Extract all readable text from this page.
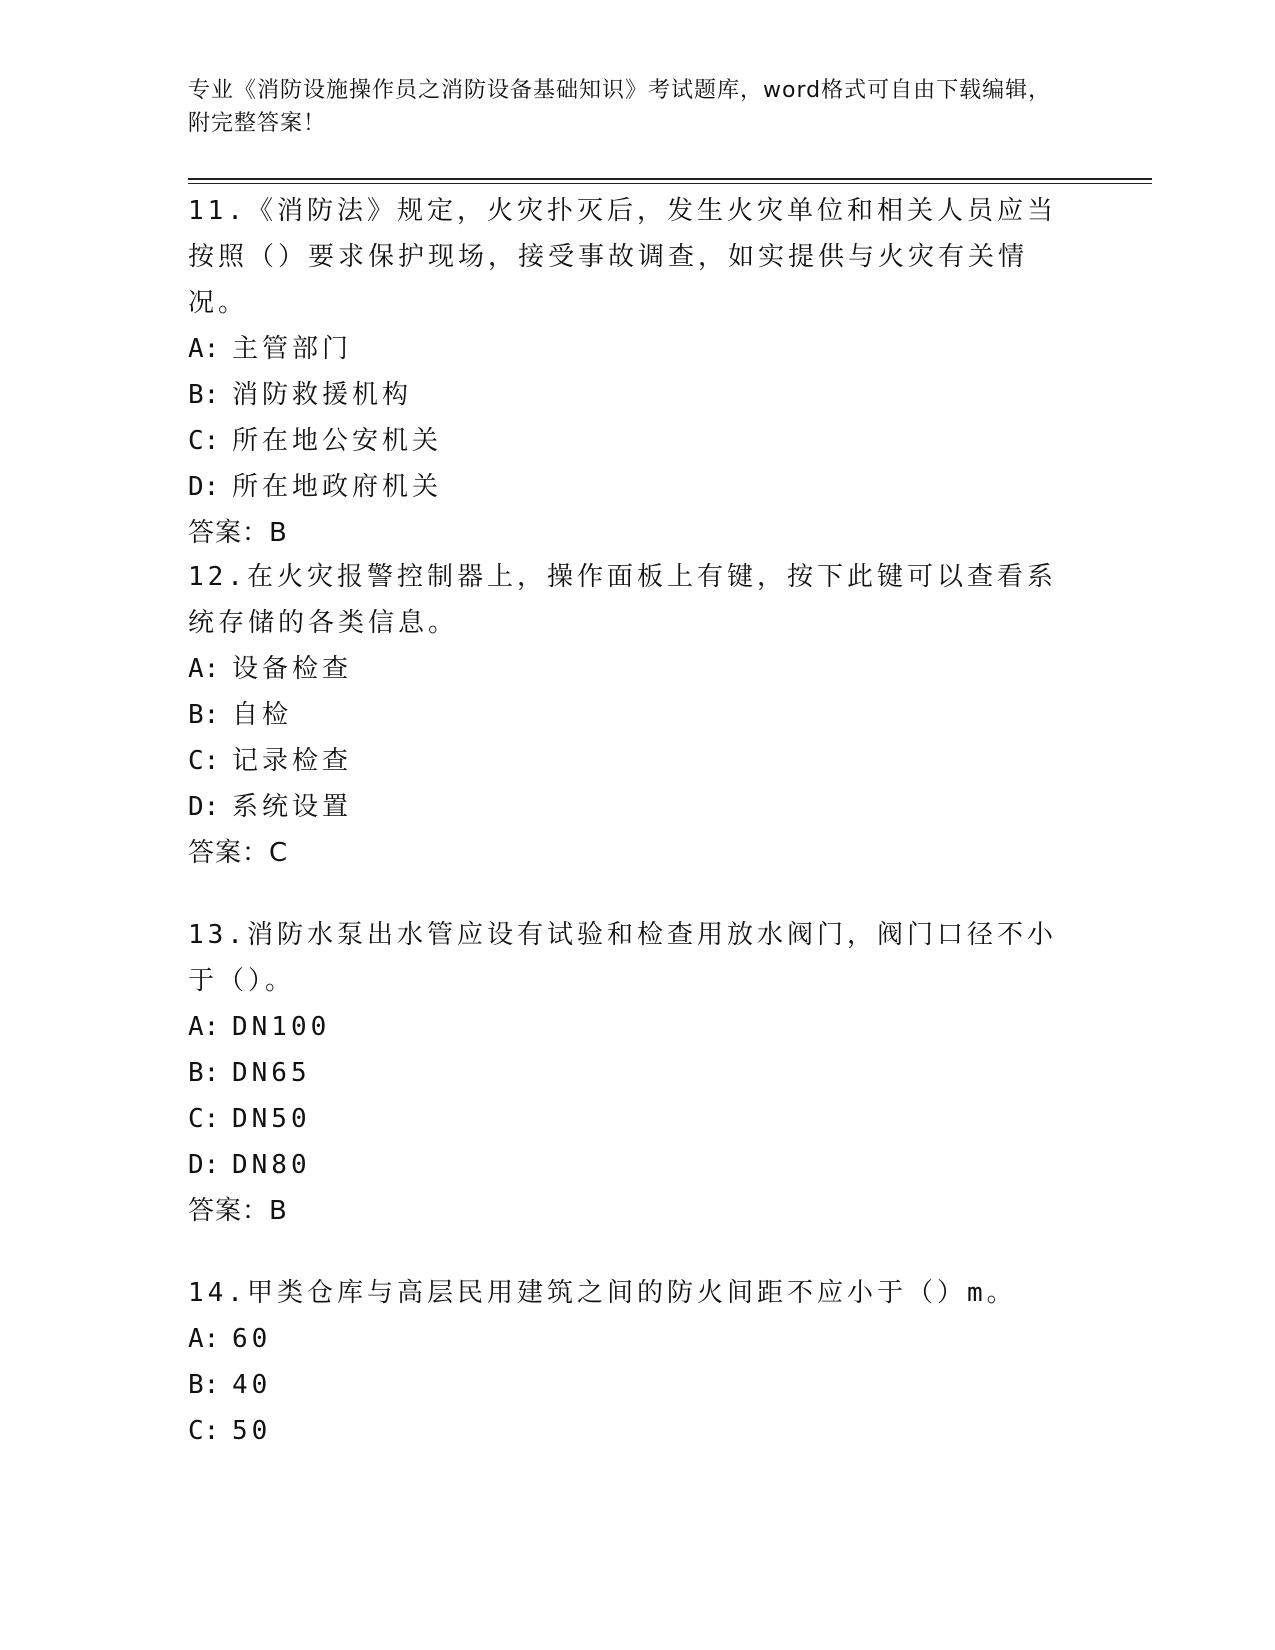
专业《消防设施操作员之消防设备基础知识》考试题库，word格式可自由下载编辑，附完整答案！

11.《消防法》规定，火灾扑灭后，发生火灾单位和相关人员应当按照（）要求保护现场，接受事故调查，如实提供与火灾有关情况。

A: 主管部门
B: 消防救援机构
C: 所在地公安机关
D: 所在地政府机关
答案：B

12.在火灾报警控制器上，操作面板上有键，按下此键可以查看系统存储的各类信息。

A: 设备检查
B: 自检
C: 记录检查
D: 系统设置
答案：C

13.消防水泵出水管应设有试验和检查用放水阀门，阀门口径不小于（）。

A: DN100
B: DN65
C: DN50
D: DN80
答案：B

14.甲类仓库与高层民用建筑之间的防火间距不应小于（）m。

A: 60
B: 40
C: 50
